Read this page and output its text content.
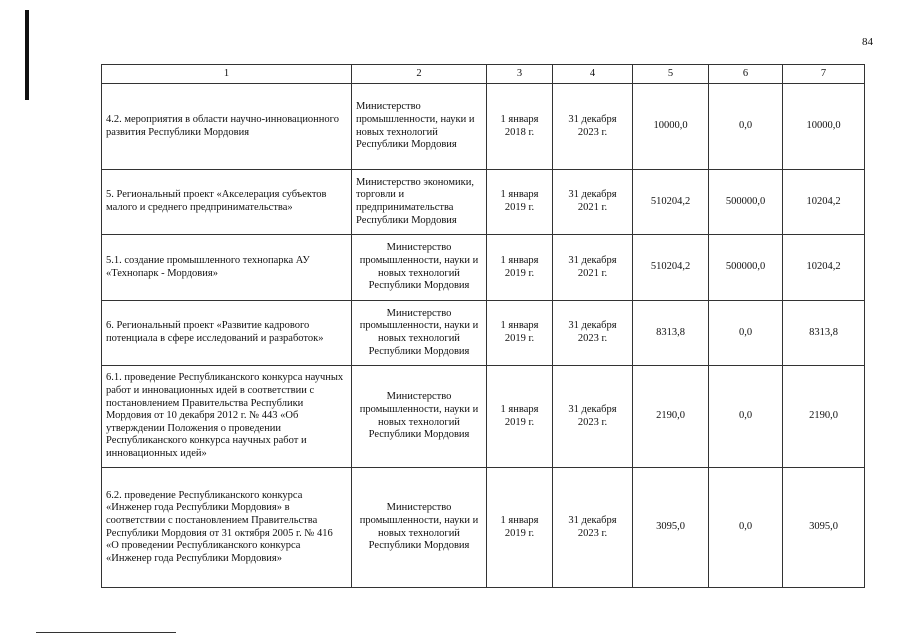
84
1	2	3	4	5	6	7
4.2. мероприятия в области научно-инновационного развития Республики Мордовия	Министерство промышленности, науки и новых технологий Республики Мордовия	1 января 2018 г.	31 декабря 2023 г.	10000,0	0,0	10000,0
5. Региональный проект «Акселерация субъектов малого и среднего предпринимательства»	Министерство экономики, торговли и предпринимательства Республики Мордовия	1 января 2019 г.	31 декабря 2021 г.	510204,2	500000,0	10204,2
5.1. создание промышленного технопарка АУ «Технопарк - Мордовия»	Министерство промышленности, науки и новых технологий Республики Мордовия	1 января 2019 г.	31 декабря 2021 г.	510204,2	500000,0	10204,2
6. Региональный проект «Развитие кадрового потенциала в сфере исследований и разработок»	Министерство промышленности, науки и новых технологий Республики Мордовия	1 января 2019 г.	31 декабря 2023 г.	8313,8	0,0	8313,8
6.1. проведение Республиканского конкурса научных работ и инновационных идей в соответствии с постановлением Правительства Республики Мордовия от 10 декабря 2012 г. № 443 «Об утверждении Положения о проведении Республиканского конкурса научных работ и инновационных идей»	Министерство промышленности, науки и новых технологий Республики Мордовия	1 января 2019 г.	31 декабря 2023 г.	2190,0	0,0	2190,0
6.2. проведение Республиканского конкурса «Инженер года Республики Мордовия» в соответствии с постановлением Правительства Республики Мордовия от 31 октября 2005 г. № 416 «О проведении Республиканского конкурса «Инженер года Республики Мордовия»	Министерство промышленности, науки и новых технологий Республики Мордовия	1 января 2019 г.	31 декабря 2023 г.	3095,0	0,0	3095,0
